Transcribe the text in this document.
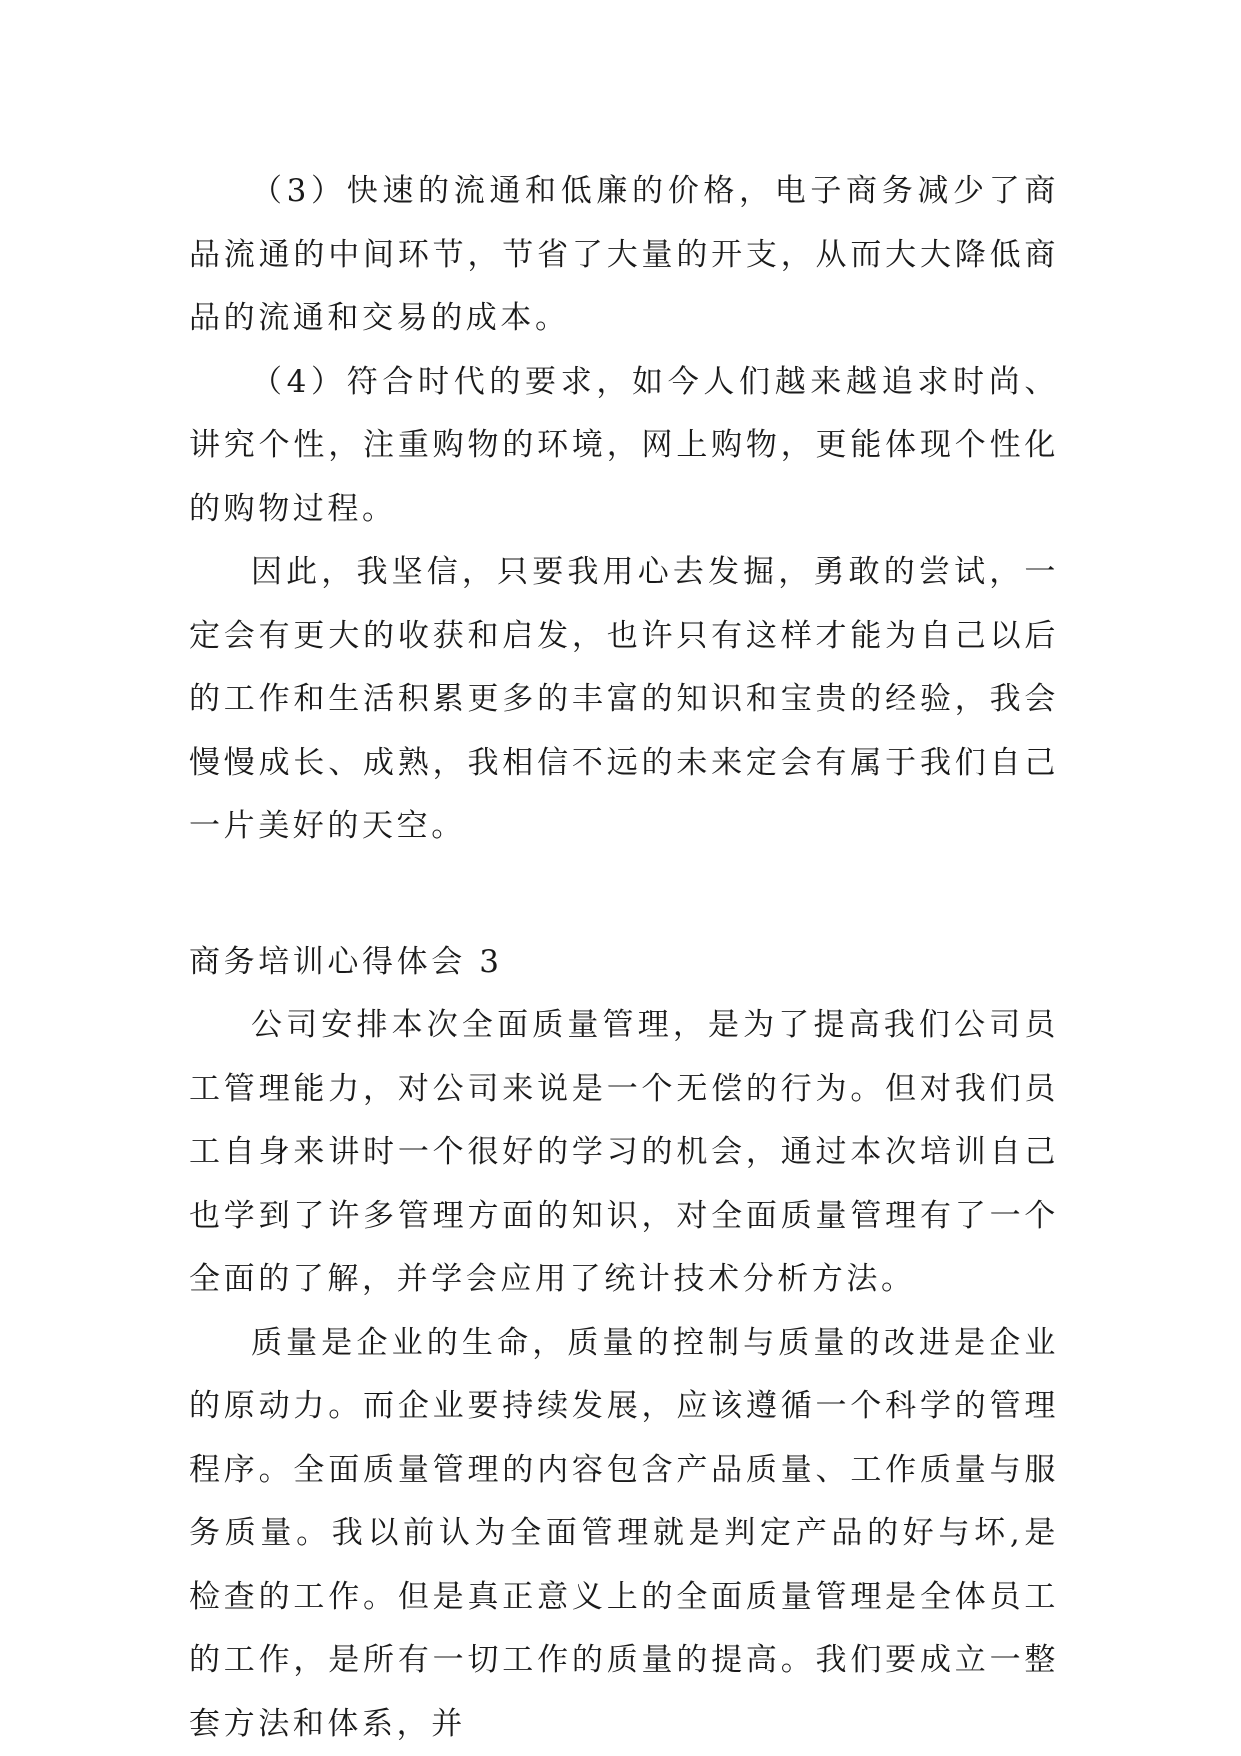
（3）快速的流通和低廉的价格，电子商务减少了商品流通的中间环节，节省了大量的开支，从而大大降低商品的流通和交易的成本。

（4）符合时代的要求，如今人们越来越追求时尚、讲究个性，注重购物的环境，网上购物，更能体现个性化的购物过程。

因此，我坚信，只要我用心去发掘，勇敢的尝试，一定会有更大的收获和启发，也许只有这样才能为自己以后的工作和生活积累更多的丰富的知识和宝贵的经验，我会慢慢成长、成熟，我相信不远的未来定会有属于我们自己一片美好的天空。

商务培训心得体会 3

公司安排本次全面质量管理，是为了提高我们公司员工管理能力，对公司来说是一个无偿的行为。但对我们员工自身来讲时一个很好的学习的机会，通过本次培训自己也学到了许多管理方面的知识，对全面质量管理有了一个全面的了解，并学会应用了统计技术分析方法。

质量是企业的生命，质量的控制与质量的改进是企业的原动力。而企业要持续发展，应该遵循一个科学的管理程序。全面质量管理的内容包含产品质量、工作质量与服务质量。我以前认为全面管理就是判定产品的好与坏,是检查的工作。但是真正意义上的全面质量管理是全体员工的工作，是所有一切工作的质量的提高。我们要成立一整套方法和体系，并
